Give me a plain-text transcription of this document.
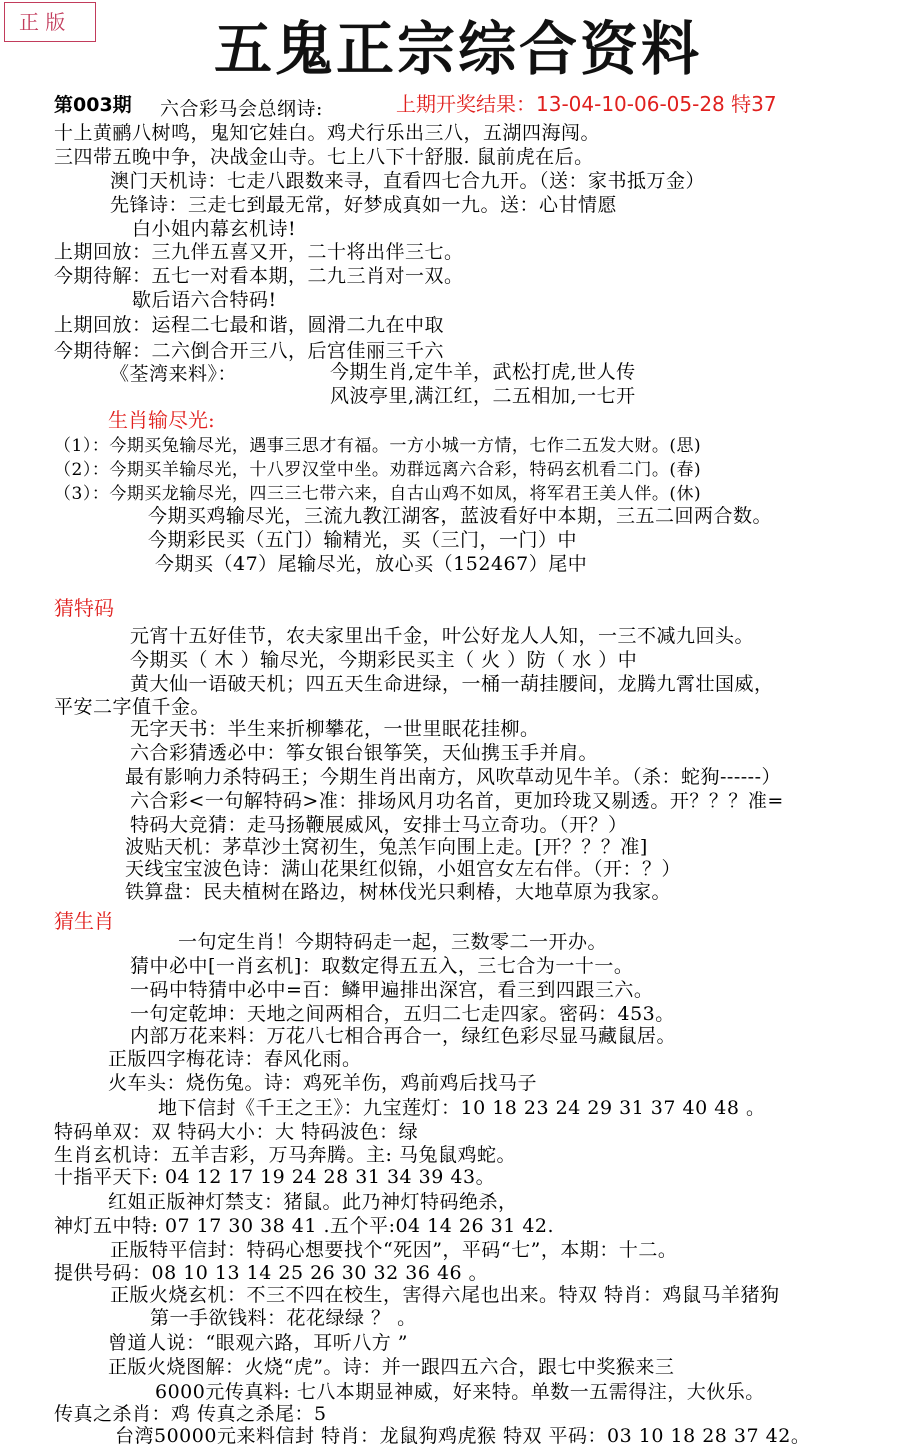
正 版	五鬼正宗综合资料
第003期	上期开奖结果：13-04-10-06-05-28 特37
六合彩马会总纲诗:
十上黄鹂八树鸣，鬼知它娃白。鸡犬行乐出三八，五湖四海闯。
三四带五晚中争，决战金山寺。七上八下十舒服. 鼠前虎在后。
澳门天机诗：七走八跟数来寻，直看四七合九开。（送：家书抵万金）
先锋诗：三走七到最无常，好梦成真如一九。送：心甘情愿
白小姐内幕玄机诗!
上期回放：三九伴五喜又开，二十将出伴三七。
今期待解：五七一对看本期，二九三肖对一双。
歇后语六合特码!
上期回放：运程二七最和谐，圆滑二九在中取
今期待解：二六倒合开三八，后宫佳丽三千六
《荃湾来料》：	今期生肖,定牛羊，武松打虎,世人传
风波亭里,满江红，二五相加,一七开
生肖输尽光:
（1）：今期买兔输尽光，遇事三思才有福。一方小城一方情，七作二五发大财。(思)
（2）：今期买羊输尽光，十八罗汉堂中坐。劝群远离六合彩，特码玄机看二门。(春)
（3）：今期买龙输尽光，四三三七带六来，自古山鸡不如凤，将军君王美人伴。(休)
今期买鸡输尽光，三流九教江湖客，蓝波看好中本期，三五二回两合数。
今期彩民买（五门）输精光，买（三门，一门）中
今期买（47）尾输尽光，放心买（152467）尾中
猜特码
元宵十五好佳节，农夫家里出千金，叶公好龙人人知，一三不减九回头。
今期买（ 木 ）输尽光，今期彩民买主（ 火 ）防（ 水 ）中
黄大仙一语破天机；四五天生命进绿，一桶一葫挂腰间，龙腾九霄壮国威，
平安二字值千金。
无字天书：半生来折柳攀花，一世里眠花挂柳。
六合彩猜透必中：筝女银台银筝笑，天仙携玉手并肩。
最有影响力杀特码王；今期生肖出南方，风吹草动见牛羊。（杀：蛇狗------）
六合彩<一句解特码>准：排场风月功名首，更加玲珑又剔透。开？？？准=
特码大竞猜：走马扬鞭展威风，安排士马立奇功。（开？）
波贴天机：茅草沙土窝初生，兔羔乍向围上走。[开？？？准]
天线宝宝波色诗：满山花果红似锦，小姐宫女左右伴。（开：？）
铁算盘：民夫植树在路边，树林伐光只剩椿，大地草原为我家。
猜生肖
一句定生肖！今期特码走一起，三数零二一开办。
猜中必中[一肖玄机]：取数定得五五入，三七合为一十一。
一码中特猜中必中=百：鳞甲遍排出深宫，看三到四跟三六。
一句定乾坤：天地之间两相合，五归二七走四家。密码：453。
内部万花来料：万花八七相合再合一，绿红色彩尽显马藏鼠居。
正版四字梅花诗：春风化雨。
火车头：烧伤兔。诗：鸡死羊伤，鸡前鸡后找马子
地下信封《千王之王》：九宝莲灯：10 18 23 24 29 31 37 40 48 。
特码单双：双 特码大小：大 特码波色：绿
生肖玄机诗：五羊吉彩，万马奔腾。主: 马兔鼠鸡蛇。
十指平天下: 04 12 17 19 24 28 31 34 39 43。
红姐正版神灯禁支：猪鼠。此乃神灯特码绝杀，
神灯五中特: 07 17 30 38 41 .五个平:04 14 26 31 42.
正版特平信封：特码心想要找个“死因”，平码“七”，本期：十二。
提供号码：08 10 13 14 25 26 30 32 36 46 。
正版火烧玄机：不三不四在校生，害得六尾也出来。特双 特肖：鸡鼠马羊猪狗
第一手欲钱料：花花绿绿 ？ 。
曾道人说：“眼观六路，耳听八方 ”
正版火烧图解：火烧“虎”。诗：并一跟四五六合，跟七中奖猴来三
6000元传真料: 七八本期显神威，好来特。单数一五需得注，大伙乐。
传真之杀肖：鸡 传真之杀尾：5
台湾50000元来料信封 特肖：龙鼠狗鸡虎猴 特双 平码：03 10 18 28 37 42。
